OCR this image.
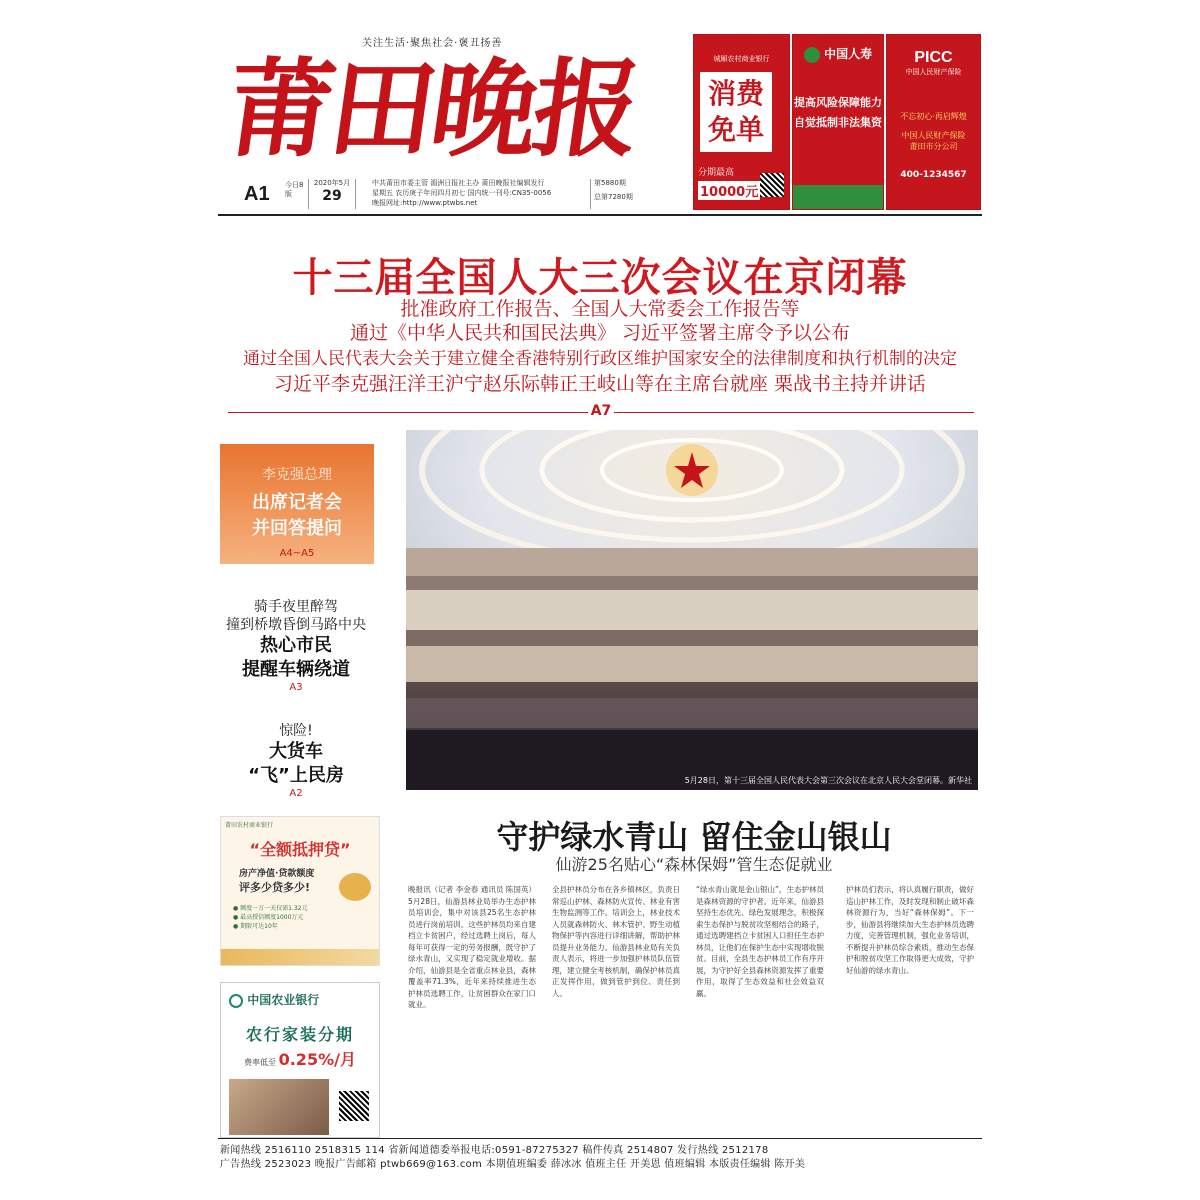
关注生活·聚焦社会·褒丑扬善
莆田晚报
A1 今日8版
2020年5月
29
中共莆田市委主管 湄洲日报社主办 莆田晚报社编辑发行
星期五 农历庚子年闰四月初七 国内统一刊号:CN35-0056
晚报网址:http://www.ptwbs.net
第5880期
总第7280期
城厢农村商业银行
消费免单
分期最高
10000元
中国人寿
提高风险保障能力
自觉抵制非法集资
PICC
中国人民财产保险
不忘初心·再启辉煌
中国人民财产保险
莆田市分公司
400-1234567
十三届全国人大三次会议在京闭幕
批准政府工作报告、全国人大常委会工作报告等
通过《中华人民共和国民法典》 习近平签署主席令予以公布
通过全国人民代表大会关于建立健全香港特别行政区维护国家安全的法律制度和执行机制的决定
习近平李克强汪洋王沪宁赵乐际韩正王岐山等在主席台就座 栗战书主持并讲话
A7
李克强总理
出席记者会
并回答提问
A4~A5
骑手夜里醉驾
撞到桥墩昏倒马路中央
热心市民
提醒车辆绕道
A3
惊险!
大货车
“飞”上民房
A2
5月28日，第十三届全国人民代表大会第三次会议在北京人民大会堂闭幕。新华社
守护绿水青山 留住金山银山
仙游25名贴心“森林保姆”管生态促就业
晚报讯（记者 李金春 通讯员 陈国英）5月28日，仙游县林业局举办生态护林员培训会，集中对该县25名生态护林员进行岗前培训。这些护林员均来自建档立卡贫困户，经过选聘上岗后，每人每年可获得一定的劳务报酬，既守护了绿水青山，又实现了稳定就业增收。据介绍，仙游县是全省重点林业县，森林覆盖率71.3%，近年来持续推进生态护林员选聘工作，让贫困群众在家门口就业。
全县护林员分布在各乡镇林区，负责日常巡山护林、森林防火宣传、林业有害生物监测等工作。培训会上，林业技术人员就森林防火、林木管护、野生动植物保护等内容进行详细讲解，帮助护林员提升业务能力。仙游县林业局有关负责人表示，将进一步加强护林员队伍管理，建立健全考核机制，确保护林员真正发挥作用，做到管护到位、责任到人。
“绿水青山就是金山银山”，生态护林员是森林资源的守护者。近年来，仙游县坚持生态优先、绿色发展理念，积极探索生态保护与脱贫攻坚相结合的路子，通过选聘建档立卡贫困人口担任生态护林员，让他们在保护生态中实现增收脱贫。目前，全县生态护林员工作有序开展，为守护好全县森林资源发挥了重要作用，取得了生态效益和社会效益双赢。
护林员们表示，将认真履行职责，做好巡山护林工作，及时发现和制止破坏森林资源行为，当好“森林保姆”。下一步，仙游县将继续加大生态护林员选聘力度，完善管理机制，强化业务培训，不断提升护林员综合素质，推动生态保护和脱贫攻坚工作取得更大成效，守护好仙游的绿水青山。
莆田农村商业银行
“全额抵押贷”
房产净值·贷款额度
评多少贷多少!
● 额度一万一天仅需1.32元
● 最高授信额度1000万元
● 期限可达10年
中国农业银行
农行家装分期
费率低至 0.25%/月
新闻热线 2516110 2518315 114 省新闻道德委举报电话:0591-87275327 稿件传真 2514807 发行热线 2512178
广告热线 2523023 晚报广告邮箱 ptwb669@163.com 本期值班编委 薛冰冰 值班主任 开美恩 值班编辑 本版责任编辑 陈开美
